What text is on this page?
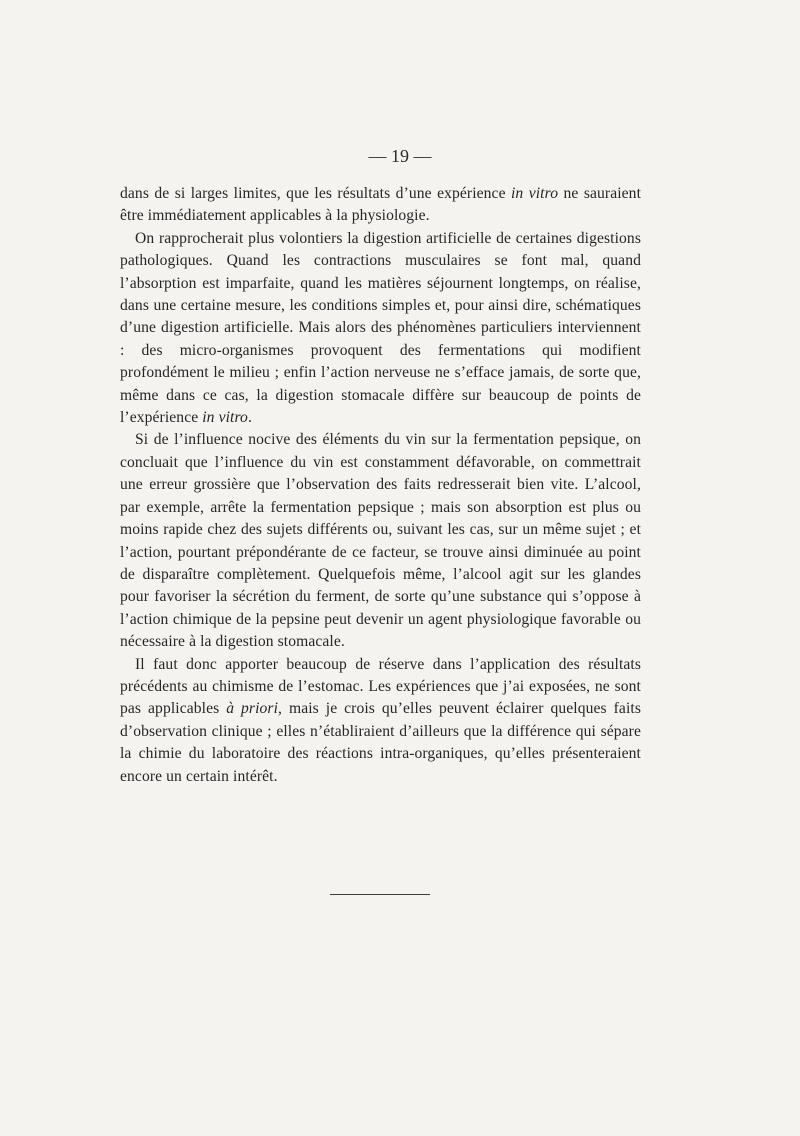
— 19 —

dans de si larges limites, que les résultats d’une expérience in vitro ne sauraient être immédiatement applicables à la physiologie.

On rapprocherait plus volontiers la digestion artificielle de certaines digestions pathologiques. Quand les contractions musculaires se font mal, quand l’absorption est imparfaite, quand les matières séjournent longtemps, on réalise, dans une certaine mesure, les conditions simples et, pour ainsi dire, schématiques d’une digestion artificielle. Mais alors des phénomènes particuliers interviennent : des micro-organismes provoquent des fermentations qui modifient profondément le milieu ; enfin l’action nerveuse ne s’efface jamais, de sorte que, même dans ce cas, la digestion stomacale diffère sur beaucoup de points de l’expérience in vitro.

Si de l’influence nocive des éléments du vin sur la fermentation pepsique, on concluait que l’influence du vin est constamment défavorable, on commettrait une erreur grossière que l’observation des faits redresserait bien vite. L’alcool, par exemple, arrête la fermentation pepsique ; mais son absorption est plus ou moins rapide chez des sujets différents ou, suivant les cas, sur un même sujet ; et l’action, pourtant prépondérante de ce facteur, se trouve ainsi diminuée au point de disparaître complètement. Quelquefois même, l’alcool agit sur les glandes pour favoriser la sécrétion du ferment, de sorte qu’une substance qui s’oppose à l’action chimique de la pepsine peut devenir un agent physiologique favorable ou nécessaire à la digestion stomacale.

Il faut donc apporter beaucoup de réserve dans l’application des résultats précédents au chimisme de l’estomac. Les expériences que j’ai exposées, ne sont pas applicables à priori, mais je crois qu’elles peuvent éclairer quelques faits d’observation clinique ; elles n’établiraient d’ailleurs que la différence qui sépare la chimie du laboratoire des réactions intra-organiques, qu’elles présenteraient encore un certain intérêt.
